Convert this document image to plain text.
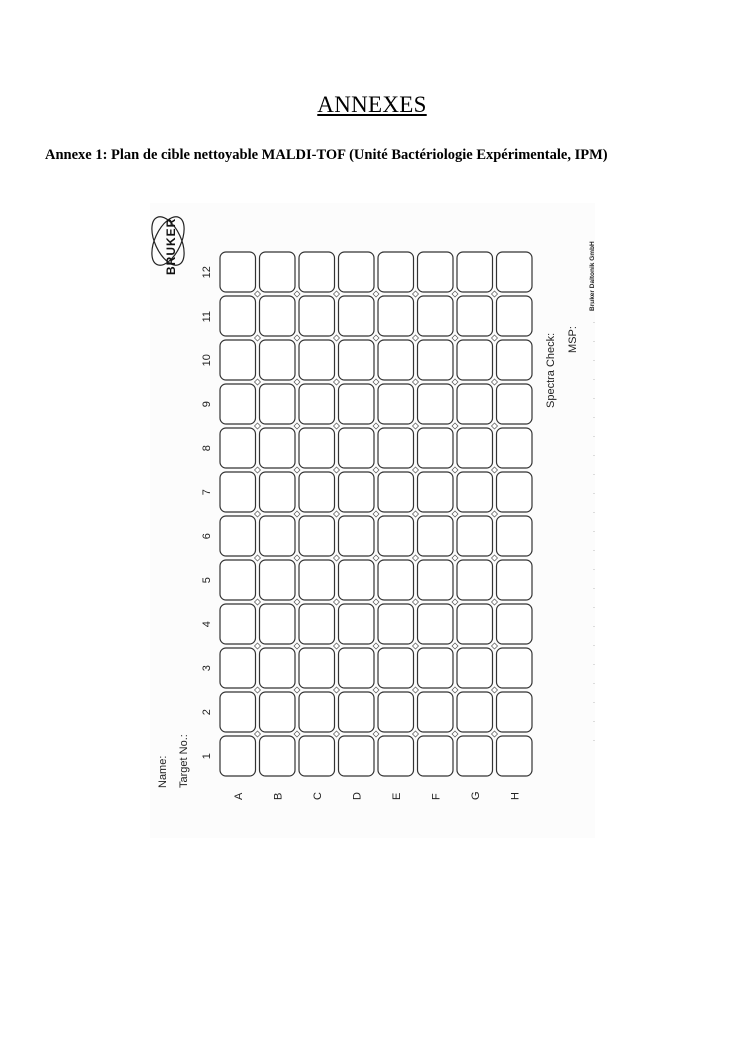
ANNEXES
Annexe 1: Plan de cible nettoyable MALDI-TOF (Unité Bactériologie Expérimentale, IPM)
BRUKER	Bruker Daltonik GmbH
Spectra Check: MSP:
Name: Target No.: 1
2
3
4
5
6
7
8
9
10
11
12
A	B	C	D	E	F	G	H
